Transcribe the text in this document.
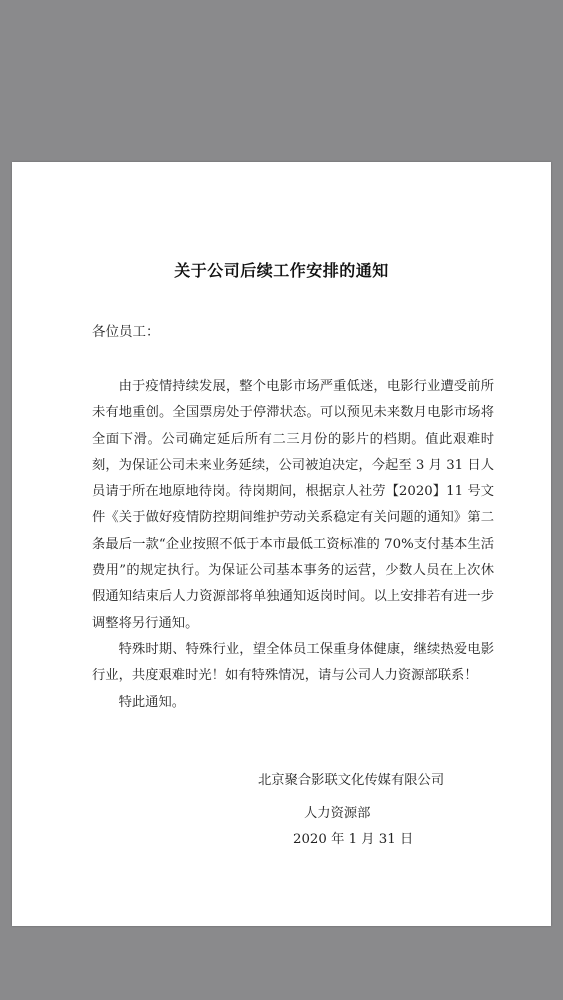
关于公司后续工作安排的通知
各位员工：

由于疫情持续发展，整个电影市场严重低迷，电影行业遭受前所未有地重创。全国票房处于停滞状态。可以预见未来数月电影市场将全面下滑。公司确定延后所有二三月份的影片的档期。值此艰难时刻，为保证公司未来业务延续，公司被迫决定，今起至 3 月 31 日人员请于所在地原地待岗。待岗期间，根据京人社劳【2020】11 号文件《关于做好疫情防控期间维护劳动关系稳定有关问题的通知》第二条最后一款“企业按照不低于本市最低工资标准的 70%支付基本生活费用”的规定执行。为保证公司基本事务的运营，少数人员在上次休假通知结束后人力资源部将单独通知返岗时间。以上安排若有进一步调整将另行通知。

特殊时期、特殊行业，望全体员工保重身体健康，继续热爱电影行业，共度艰难时光！如有特殊情况，请与公司人力资源部联系！

特此通知。

北京聚合影联文化传媒有限公司
人力资源部
2020 年 1 月 31 日
